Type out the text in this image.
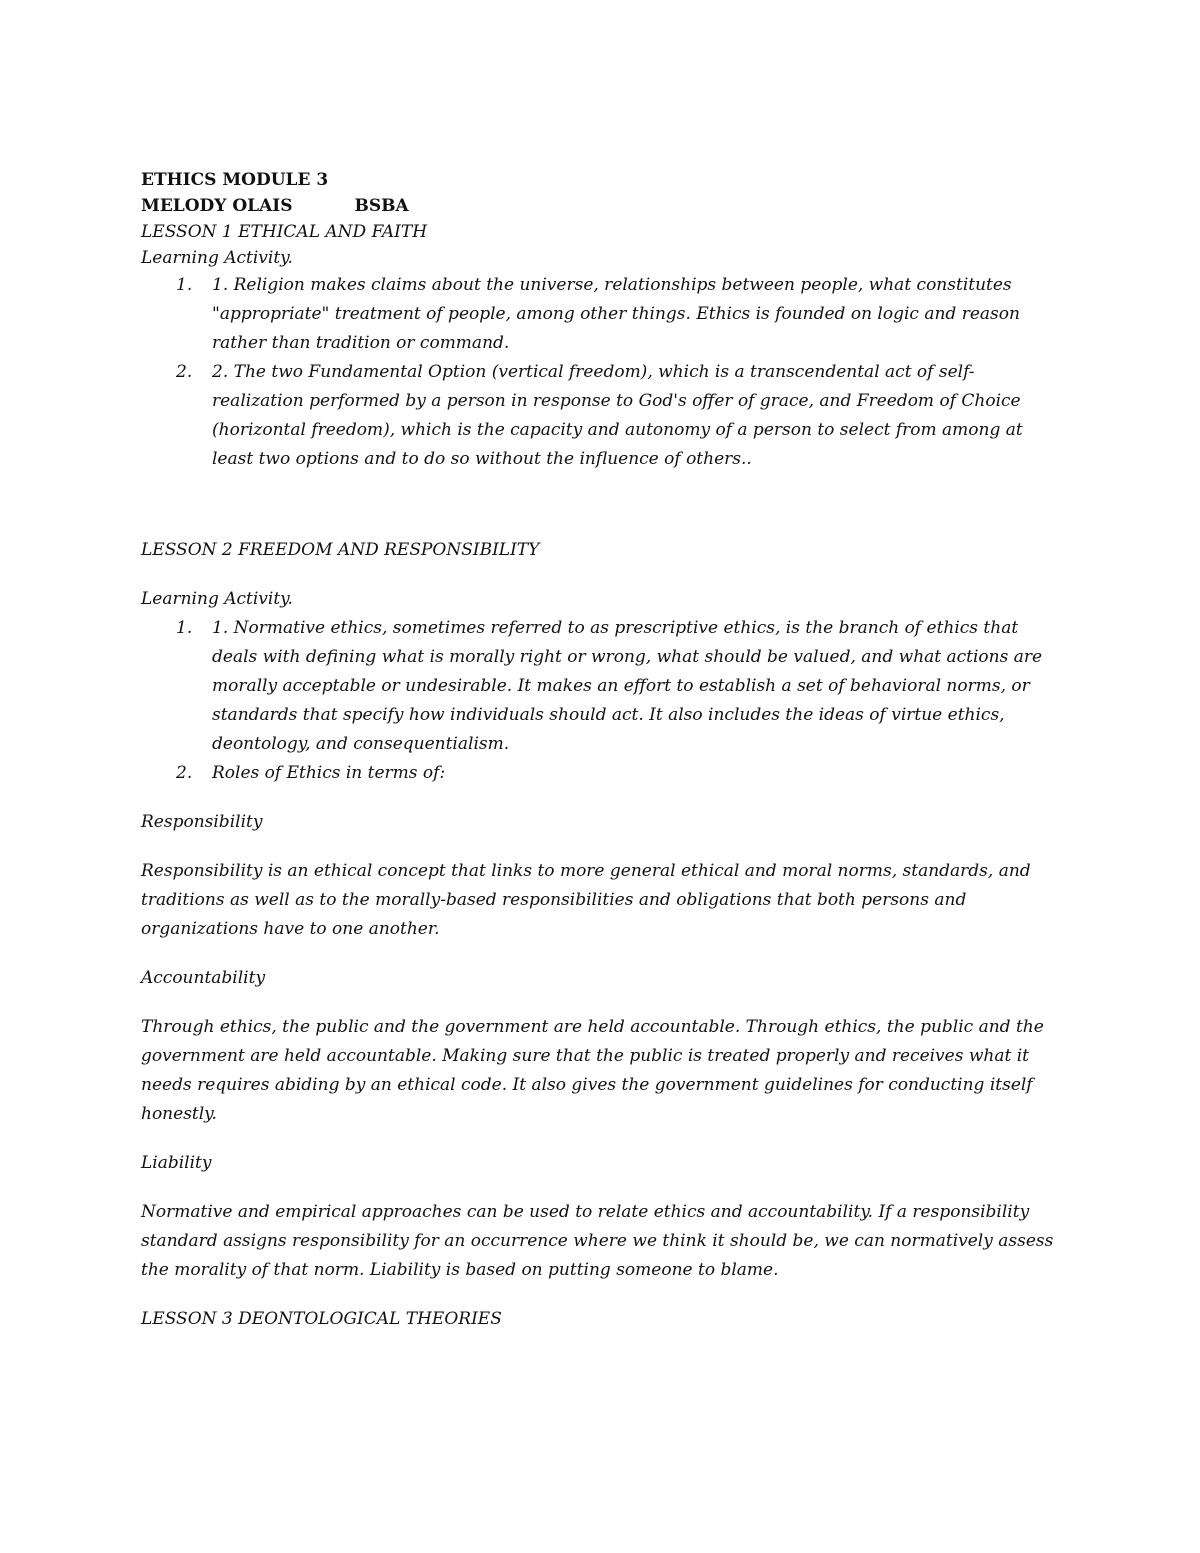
ETHICS MODULE 3
MELODY OLAIS	BSBA
LESSON 1 ETHICAL AND FAITH
Learning Activity.
1. 1. Religion makes claims about the universe, relationships between people, what constitutes "appropriate" treatment of people, among other things. Ethics is founded on logic and reason rather than tradition or command.
2. 2. The two Fundamental Option (vertical freedom), which is a transcendental act of self-realization performed by a person in response to God's offer of grace, and Freedom of Choice (horizontal freedom), which is the capacity and autonomy of a person to select from among at least two options and to do so without the influence of others..

LESSON 2 FREEDOM AND RESPONSIBILITY

Learning Activity.

1. 1. Normative ethics, sometimes referred to as prescriptive ethics, is the branch of ethics that deals with defining what is morally right or wrong, what should be valued, and what actions are morally acceptable or undesirable. It makes an effort to establish a set of behavioral norms, or standards that specify how individuals should act. It also includes the ideas of virtue ethics, deontology, and consequentialism.
2. Roles of Ethics in terms of:

Responsibility

Responsibility is an ethical concept that links to more general ethical and moral norms, standards, and traditions as well as to the morally-based responsibilities and obligations that both persons and organizations have to one another.

Accountability

Through ethics, the public and the government are held accountable. Through ethics, the public and the government are held accountable. Making sure that the public is treated properly and receives what it needs requires abiding by an ethical code. It also gives the government guidelines for conducting itself honestly.

Liability

Normative and empirical approaches can be used to relate ethics and accountability. If a responsibility standard assigns responsibility for an occurrence where we think it should be, we can normatively assess the morality of that norm. Liability is based on putting someone to blame.

LESSON 3 DEONTOLOGICAL THEORIES
